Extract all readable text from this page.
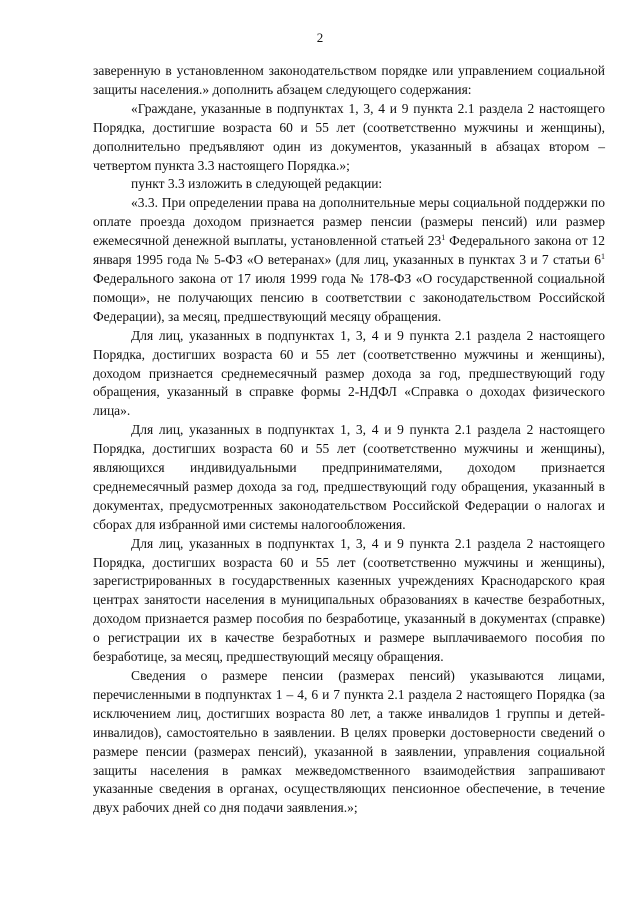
2

заверенную в установленном законодательством порядке или управлением социальной защиты населения.» дополнить абзацем следующего содержания:

«Граждане, указанные в подпунктах 1, 3, 4 и 9 пункта 2.1 раздела 2 настоящего Порядка, достигшие возраста 60 и 55 лет (соответственно мужчины и женщины), дополнительно предъявляют один из документов, указанный в абзацах втором – четвертом пункта 3.3 настоящего Порядка.»;

пункт 3.3 изложить в следующей редакции:

«3.3. При определении права на дополнительные меры социальной поддержки по оплате проезда доходом признается размер пенсии (размеры пенсий) или размер ежемесячной денежной выплаты, установленной статьей $23^1$ Федерального закона от 12 января 1995 года № 5-ФЗ «О ветеранах» (для лиц, указанных в пунктах 3 и 7 статьи $6^1$ Федерального закона от 17 июля 1999 года № 178-ФЗ «О государственной социальной помощи», не получающих пенсию в соответствии с законодательством Российской Федерации), за месяц, предшествующий месяцу обращения.

Для лиц, указанных в подпунктах 1, 3, 4 и 9 пункта 2.1 раздела 2 настоящего Порядка, достигших возраста 60 и 55 лет (соответственно мужчины и женщины), доходом признается среднемесячный размер дохода за год, предшествующий году обращения, указанный в справке формы 2-НДФЛ «Справка о доходах физического лица».

Для лиц, указанных в подпунктах 1, 3, 4 и 9 пункта 2.1 раздела 2 настоящего Порядка, достигших возраста 60 и 55 лет (соответственно мужчины и женщины), являющихся индивидуальными предпринимателями, доходом признается среднемесячный размер дохода за год, предшествующий году обращения, указанный в документах, предусмотренных законодательством Российской Федерации о налогах и сборах для избранной ими системы налогообложения.

Для лиц, указанных в подпунктах 1, 3, 4 и 9 пункта 2.1 раздела 2 настоящего Порядка, достигших возраста 60 и 55 лет (соответственно мужчины и женщины), зарегистрированных в государственных казенных учреждениях Краснодарского края центрах занятости населения в муниципальных образованиях в качестве безработных, доходом признается размер пособия по безработице, указанный в документах (справке) о регистрации их в качестве безработных и размере выплачиваемого пособия по безработице, за месяц, предшествующий месяцу обращения.

Сведения о размере пенсии (размерах пенсий) указываются лицами, перечисленными в подпунктах 1 – 4, 6 и 7 пункта 2.1 раздела 2 настоящего Порядка (за исключением лиц, достигших возраста 80 лет, а также инвалидов 1 группы и детей-инвалидов), самостоятельно в заявлении. В целях проверки достоверности сведений о размере пенсии (размерах пенсий), указанной в заявлении, управления социальной защиты населения в рамках межведомственного взаимодействия запрашивают указанные сведения в органах, осуществляющих пенсионное обеспечение, в течение двух рабочих дней со дня подачи заявления.»;
